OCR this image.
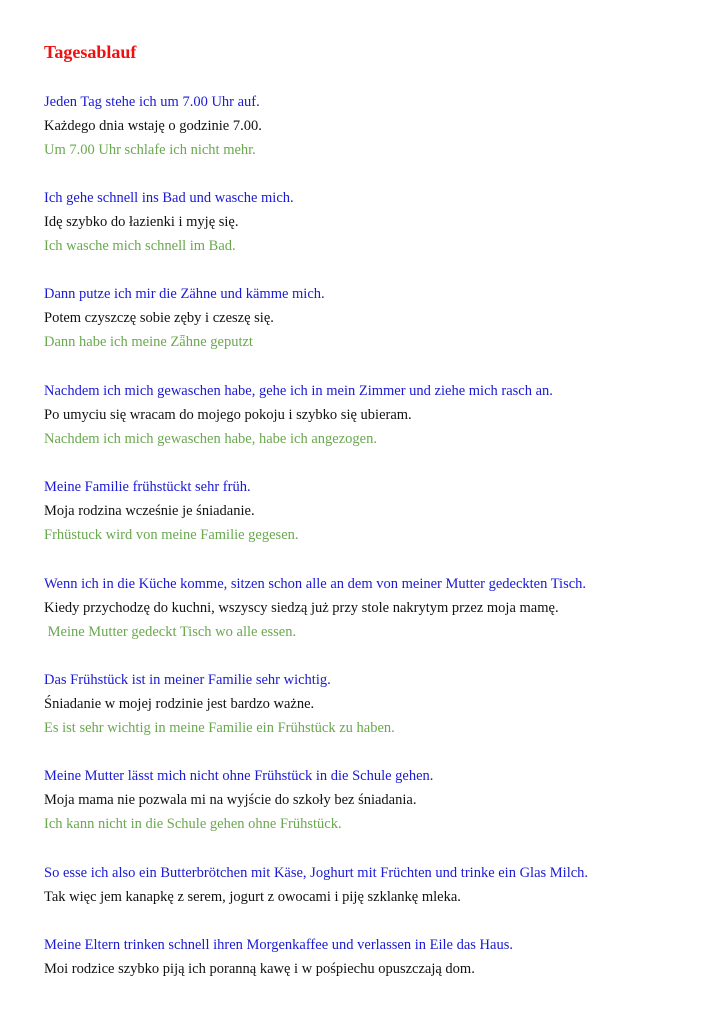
Tagesablauf
Jeden Tag stehe ich um 7.00 Uhr auf.
Każdego dnia wstaję o godzinie 7.00.
Um 7.00 Uhr schlafe ich nicht mehr.
Ich gehe schnell ins Bad und wasche mich.
Idę szybko do łazienki i myję się.
Ich wasche mich schnell im Bad.
Dann putze ich mir die Zähne und kämme mich.
Potem czyszczę sobie zęby i czeszę się.
Dann habe ich meine Zǟhne geputzt
Nachdem ich mich gewaschen habe, gehe ich in mein Zimmer und ziehe mich rasch an.
Po umyciu się wracam do mojego pokoju i szybko się ubieram.
Nachdem ich mich gewaschen habe, habe ich angezogen.
Meine Familie frühstückt sehr früh.
Moja rodzina wcześnie je śniadanie.
Frhüstuck wird von meine Familie gegesen.
Wenn ich in die Küche komme, sitzen schon alle an dem von meiner Mutter gedeckten Tisch.
Kiedy przychodzę do kuchni, wszyscy siedzą już przy stole nakrytym przez moja mamę.
Meine Mutter gedeckt Tisch wo alle essen.
Das Frühstück ist in meiner Familie sehr wichtig.
Śniadanie w mojej rodzinie jest bardzo ważne.
Es ist sehr wichtig in meine Familie ein Frühstück zu haben.
Meine Mutter lässt mich nicht ohne Frühstück in die Schule gehen.
Moja mama nie pozwala mi na wyjście do szkoły bez śniadania.
Ich kann nicht in die Schule gehen ohne Frühstück.
So esse ich also ein Butterbrötchen mit Käse, Joghurt mit Früchten und trinke ein Glas Milch.
Tak więc jem kanapkę z serem, jogurt z owocami i piję szklankę mleka.
Meine Eltern trinken schnell ihren Morgenkaffee und verlassen in Eile das Haus.
Moi rodzice szybko piją ich poranną kawę i w pośpiechu opuszczają dom.
